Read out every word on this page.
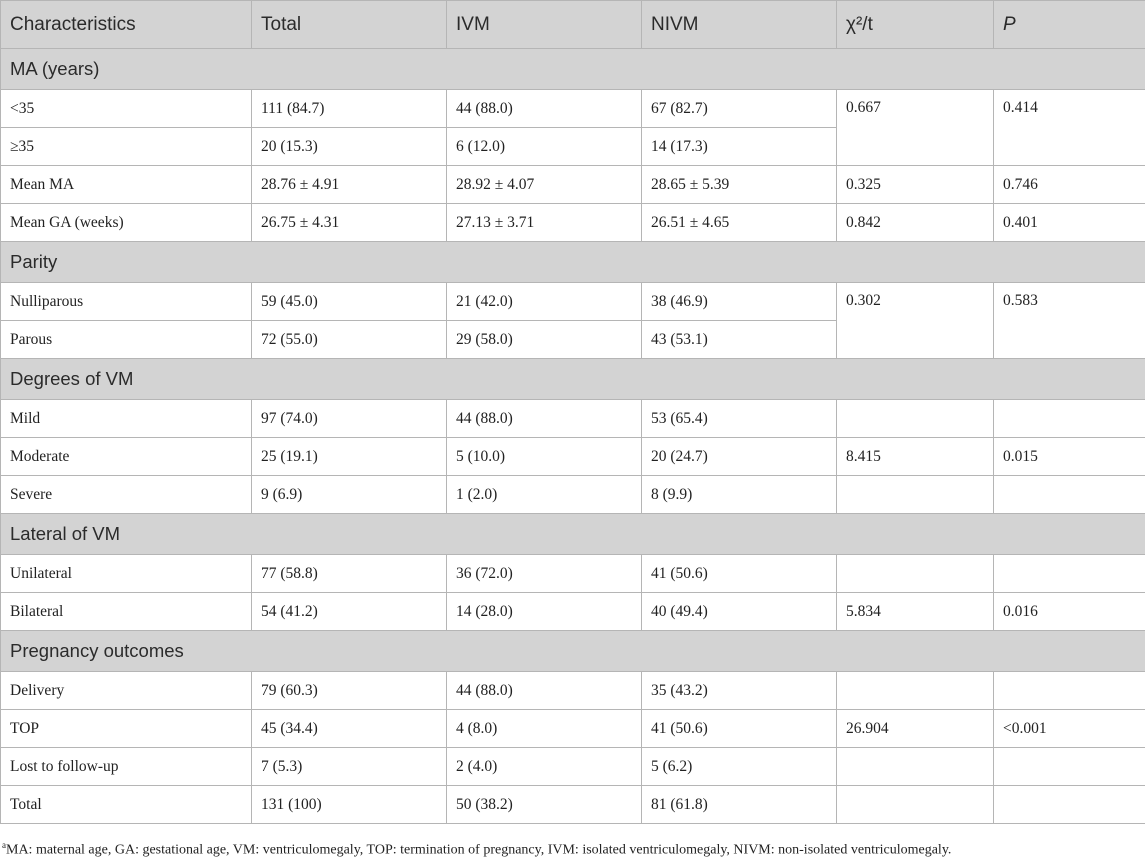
Characteristics	Total	IVM	NIVM	χ²/t	P
MA (years)					
<35	111 (84.7)	44 (88.0)	67 (82.7)	0.667	0.414
≥35	20 (15.3)	6 (12.0)	14 (17.3)		
Mean MA	28.76 ± 4.91	28.92 ± 4.07	28.65 ± 5.39	0.325	0.746
Mean GA (weeks)	26.75 ± 4.31	27.13 ± 3.71	26.51 ± 4.65	0.842	0.401
Parity					
Nulliparous	59 (45.0)	21 (42.0)	38 (46.9)	0.302	0.583
Parous	72 (55.0)	29 (58.0)	43 (53.1)		
Degrees of VM					
Mild	97 (74.0)	44 (88.0)	53 (65.4)		
Moderate	25 (19.1)	5 (10.0)	20 (24.7)	8.415	0.015
Severe	9 (6.9)	1 (2.0)	8 (9.9)		
Lateral of VM					
Unilateral	77 (58.8)	36 (72.0)	41 (50.6)		
Bilateral	54 (41.2)	14 (28.0)	40 (49.4)	5.834	0.016
Pregnancy outcomes					
Delivery	79 (60.3)	44 (88.0)	35 (43.2)		
TOP	45 (34.4)	4 (8.0)	41 (50.6)	26.904	<0.001
Lost to follow-up	7 (5.3)	2 (4.0)	5 (6.2)		
Total	131 (100)	50 (38.2)	81 (61.8)		
$^a$MA: maternal age, GA: gestational age, VM: ventriculomegaly, TOP: termination of pregnancy, IVM: isolated ventriculomegaly, NIVM: non-isolated ventriculomegaly.
